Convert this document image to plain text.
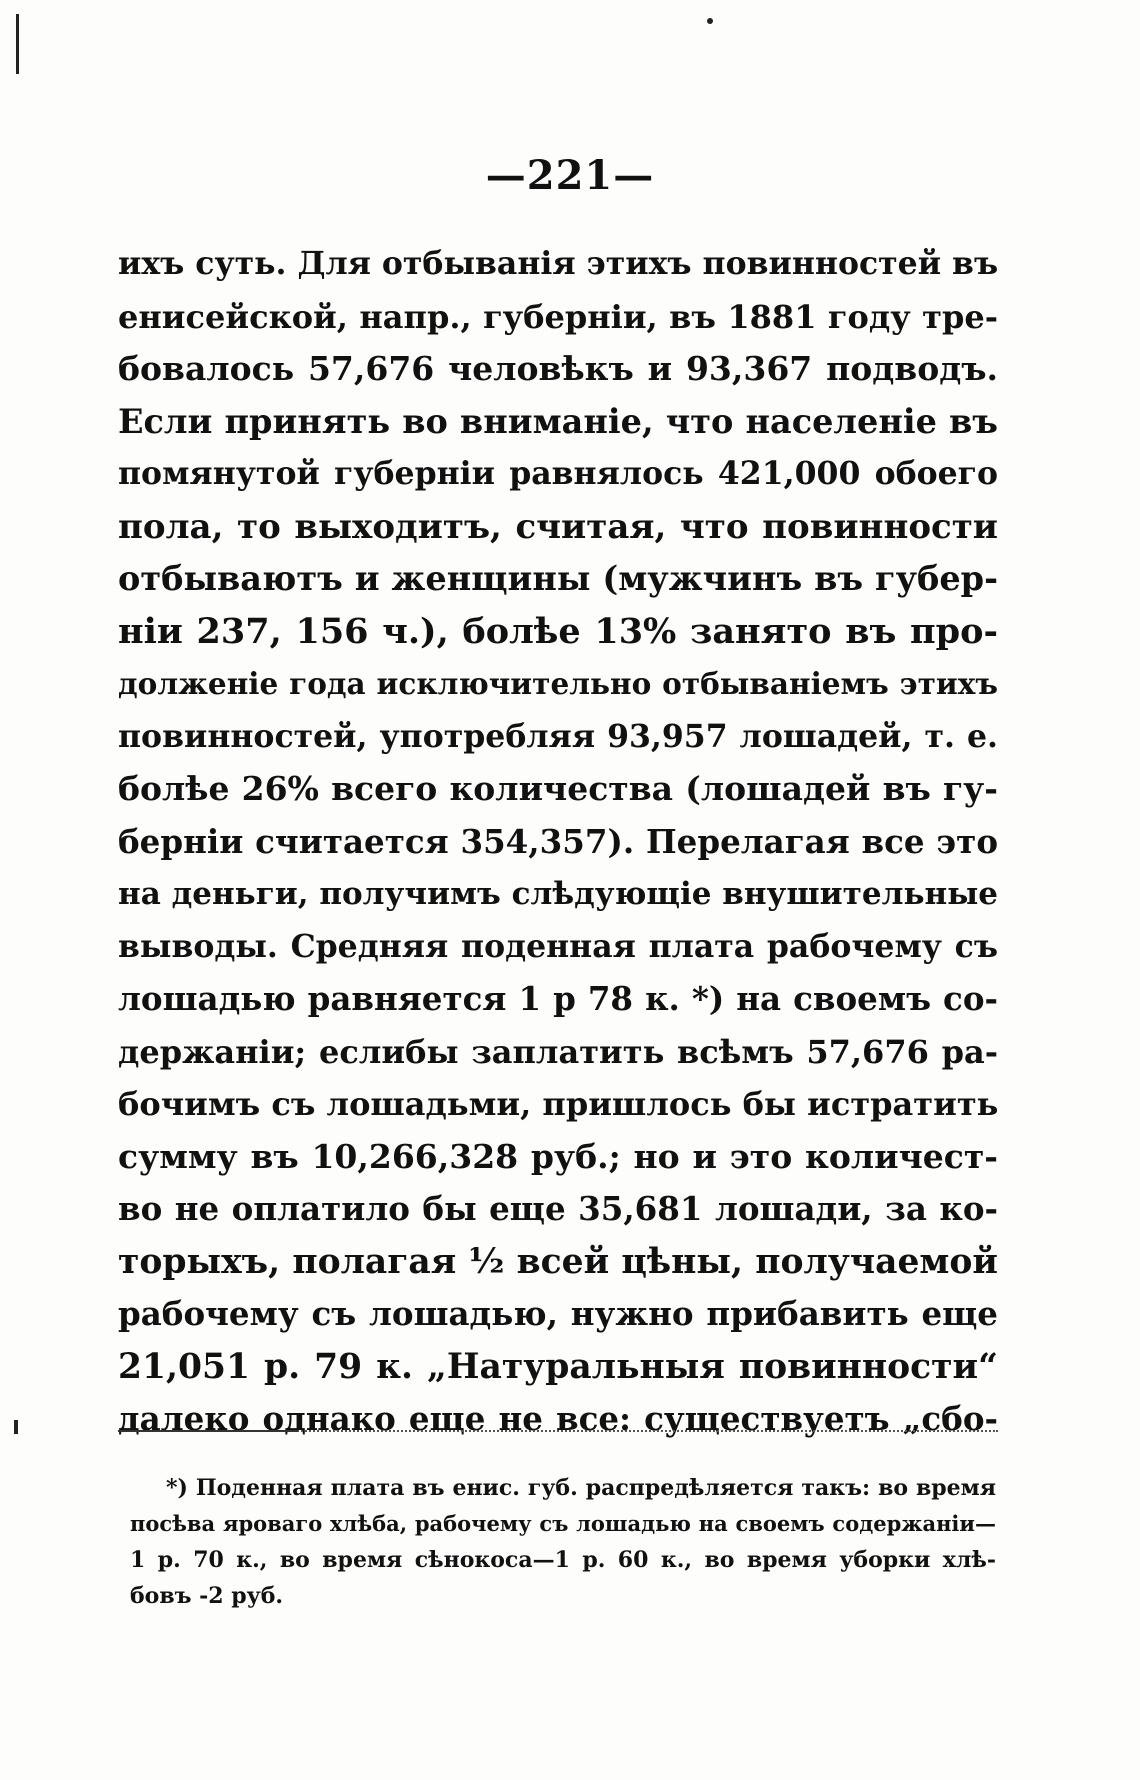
—221—
ихъ суть. Для отбыванія этихъ повинностей въ
енисейской, напр., губерніи, въ 1881 году тре-
бовалось 57,676 человѣкъ и 93,367 подводъ.
Если принять во вниманіе, что населеніе въ
помянутой губерніи равнялось 421,000 обоего
пола, то выходитъ, считая, что повинности
отбываютъ и женщины (мужчинъ въ губер-
ніи 237, 156 ч.), болѣе 13% занято въ про-
долженіе года исключительно отбываніемъ этихъ
повинностей, употребляя 93,957 лошадей, т. е.
болѣе 26% всего количества (лошадей въ гу-
берніи считается 354,357). Перелагая все это
на деньги, получимъ слѣдующіе внушительные
выводы. Средняя поденная плата рабочему съ
лошадью равняется 1 р 78 к. *) на своемъ со-
держаніи; еслибы заплатить всѣмъ 57,676 ра-
бочимъ съ лошадьми, пришлось бы истратить
сумму въ 10,266,328 руб.; но и это количест-
во не оплатило бы еще 35,681 лошади, за ко-
торыхъ, полагая ½ всей цѣны, получаемой
рабочему съ лошадью, нужно прибавить еще
21,051 р. 79 к. „Натуральныя повинности“
далеко однако еще не все: существуетъ „сбо-
*) Поденная плата въ енис. губ. распредѣляется такъ: во время
посѣва яроваго хлѣба, рабочему съ лошадью на своемъ содержаніи—
1 р. 70 к., во время сѣнокоса—1 р. 60 к., во время уборки хлѣ-
бовъ -2 руб.
